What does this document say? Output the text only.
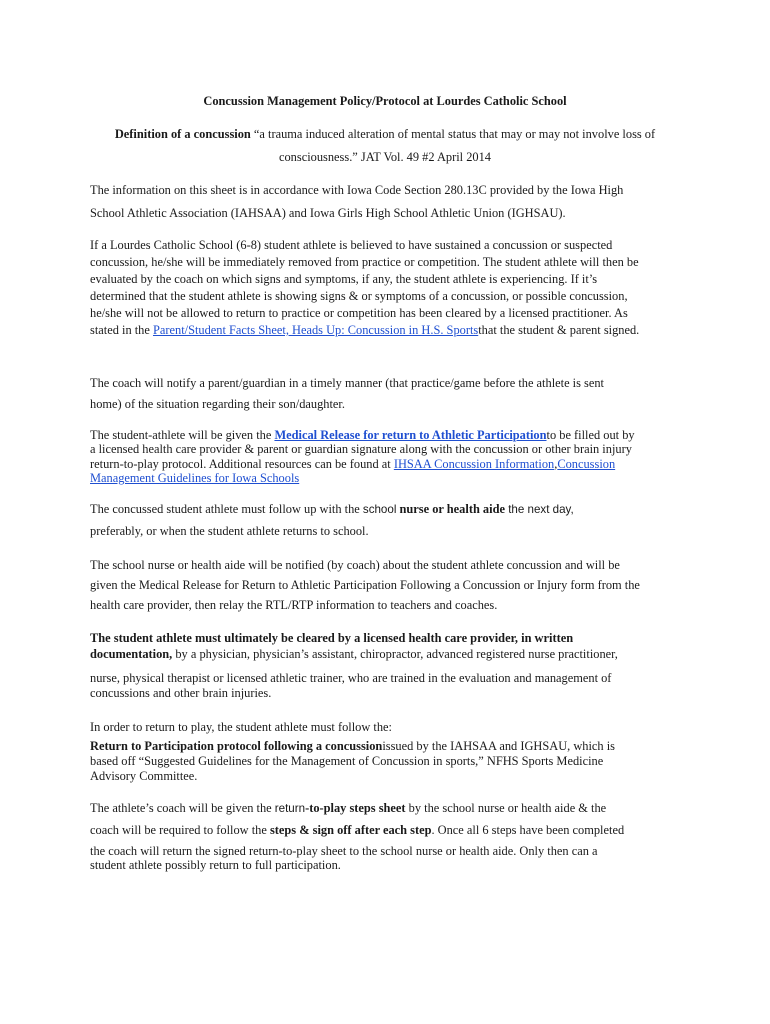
Concussion Management Policy/Protocol at Lourdes Catholic School
Definition of a concussion “a trauma induced alteration of mental status that may or may not involve loss of
consciousness.” JAT Vol. 49 #2 April 2014
The information on this sheet is in accordance with Iowa Code Section 280.13C provided by the Iowa High
School Athletic Association (IAHSAA) and Iowa Girls High School Athletic Union (IGHSAU).
If a Lourdes Catholic School (6-8) student athlete is believed to have sustained a concussion or suspected
concussion, he/she will be immediately removed from practice or competition. The student athlete will then be
evaluated by the coach on which signs and symptoms, if any, the student athlete is experiencing. If it’s
determined that the student athlete is showing signs & or symptoms of a concussion, or possible concussion,
he/she will not be allowed to return to practice or competition has been cleared by a licensed practitioner. As
stated in the Parent/Student Facts Sheet, Heads Up: Concussion in H.S. Sportsthat the student & parent signed.
The coach will notify a parent/guardian in a timely manner (that practice/game before the athlete is sent
home) of the situation regarding their son/daughter.
The student-athlete will be given the Medical Release for return to Athletic Participationto be filled out by
a licensed health care provider & parent or guardian signature along with the concussion or other brain injury
return-to-play protocol. Additional resources can be found at IHSAA Concussion Information,Concussion
Management Guidelines for Iowa Schools
The concussed student athlete must follow up with the school nurse or health aide the next day,
preferably, or when the student athlete returns to school.
The school nurse or health aide will be notified (by coach) about the student athlete concussion and will be
given the Medical Release for Return to Athletic Participation Following a Concussion or Injury form from the
health care provider, then relay the RTL/RTP information to teachers and coaches.
The student athlete must ultimately be cleared by a licensed health care provider, in written
documentation, by a physician, physician’s assistant, chiropractor, advanced registered nurse practitioner,
nurse, physical therapist or licensed athletic trainer, who are trained in the evaluation and management of
concussions and other brain injuries.
In order to return to play, the student athlete must follow the:
Return to Participation protocol following a concussionissued by the IAHSAA and IGHSAU, which is
based off “Suggested Guidelines for the Management of Concussion in sports,” NFHS Sports Medicine
Advisory Committee.
The athlete’s coach will be given the return-to-play steps sheet by the school nurse or health aide & the
coach will be required to follow the steps & sign off after each step. Once all 6 steps have been completed
the coach will return the signed return-to-play sheet to the school nurse or health aide. Only then can a
student athlete possibly return to full participation.
